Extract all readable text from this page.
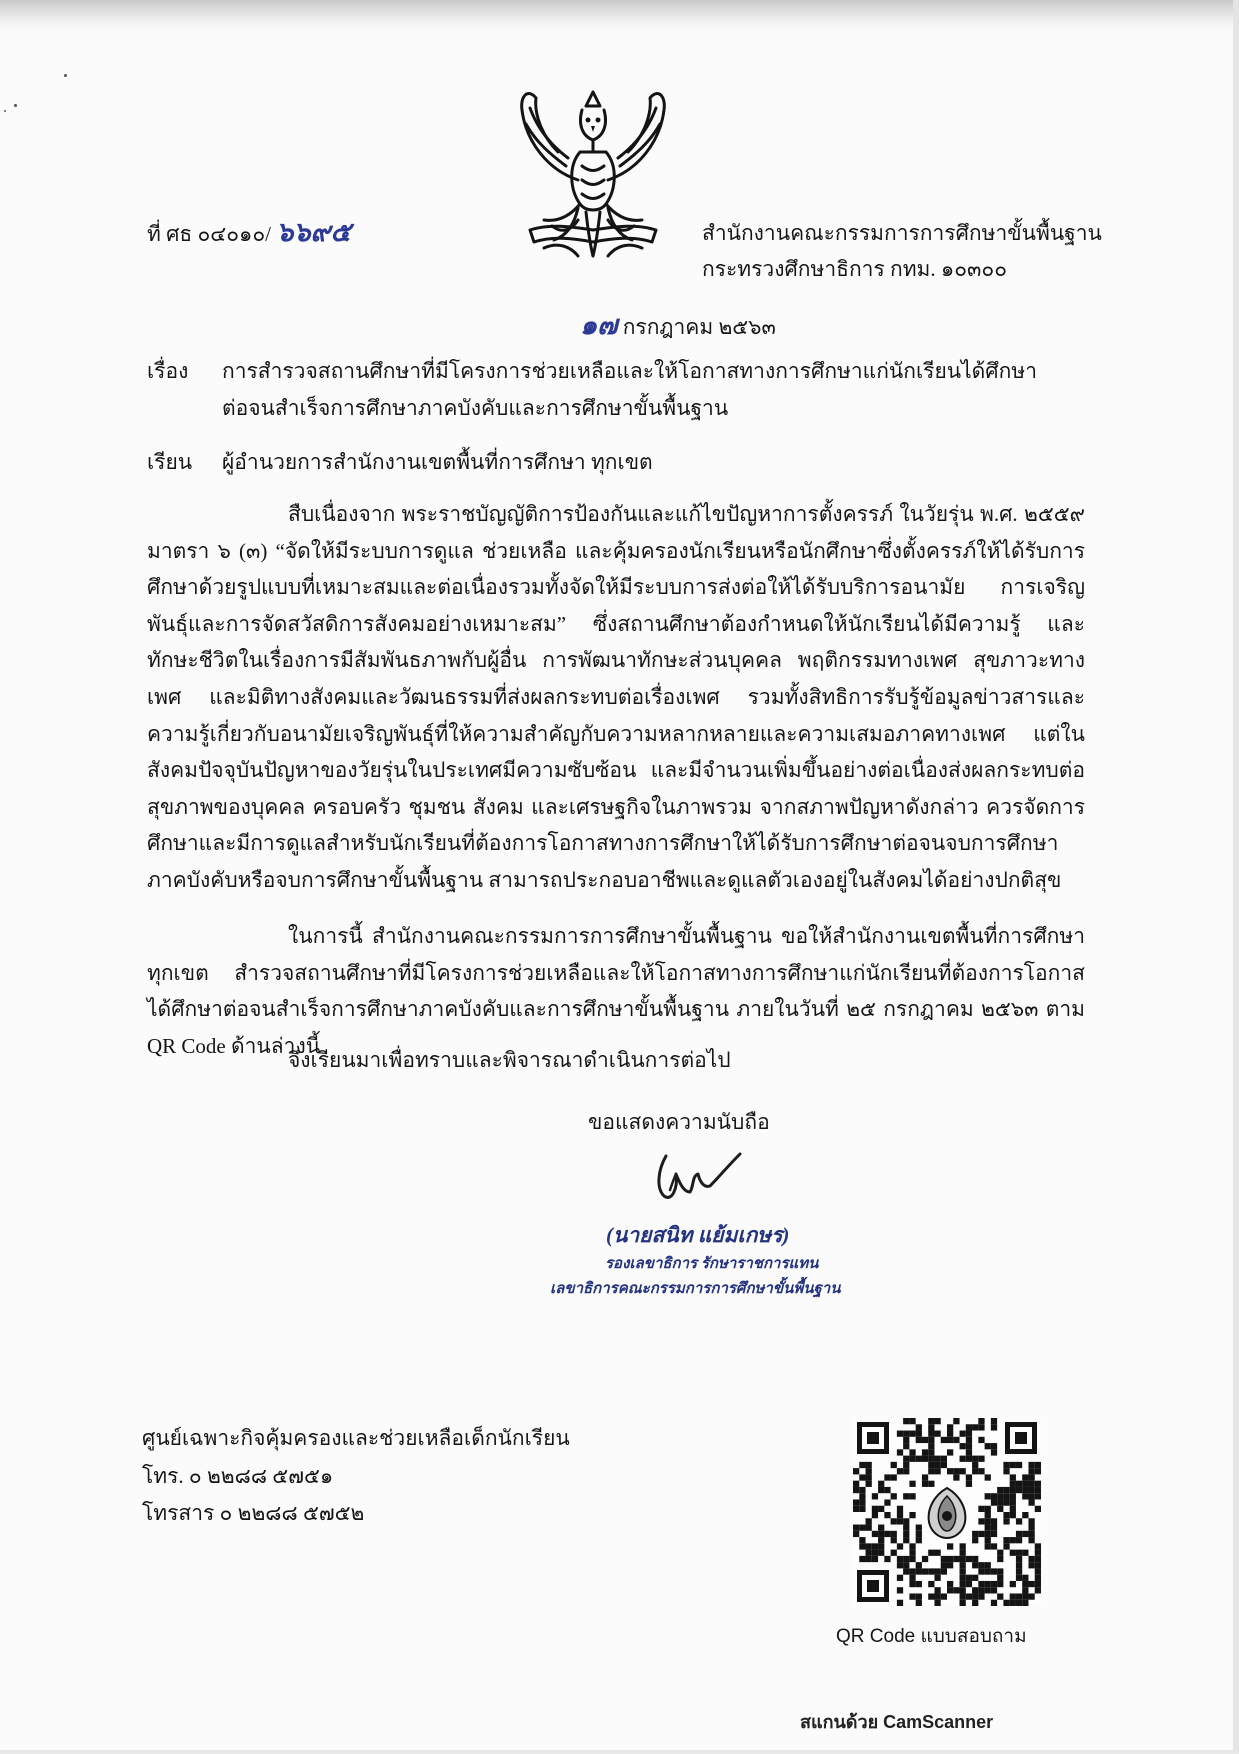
ที่ ศธ ๐๔๐๑๐/ ๖๖๙๕	สำนักงานคณะกรรมการการศึกษาขั้นพื้นฐาน
กระทรวงศึกษาธิการ กทม. ๑๐๓๐๐
๑๗ กรกฎาคม ๒๕๖๓
เรื่อง การสำรวจสถานศึกษาที่มีโครงการช่วยเหลือและให้โอกาสทางการศึกษาแก่นักเรียนได้ศึกษา
ต่อจนสำเร็จการศึกษาภาคบังคับและการศึกษาขั้นพื้นฐาน
เรียน ผู้อำนวยการสำนักงานเขตพื้นที่การศึกษา ทุกเขต
สืบเนื่องจาก พระราชบัญญัติการป้องกันและแก้ไขปัญหาการตั้งครรภ์ ในวัยรุ่น พ.ศ. ๒๕๕๙ มาตรา ๖ (๓) “จัดให้มีระบบการดูแล ช่วยเหลือ และคุ้มครองนักเรียนหรือนักศึกษาซึ่งตั้งครรภ์ให้ได้รับการศึกษาด้วยรูปแบบที่เหมาะสมและต่อเนื่องรวมทั้งจัดให้มีระบบการส่งต่อให้ได้รับบริการอนามัย การเจริญพันธุ์และการจัดสวัสดิการสังคมอย่างเหมาะสม” ซึ่งสถานศึกษาต้องกำหนดให้นักเรียนได้มีความรู้ และทักษะชีวิตในเรื่องการมีสัมพันธภาพกับผู้อื่น การพัฒนาทักษะส่วนบุคคล พฤติกรรมทางเพศ สุขภาวะทางเพศ และมิติทางสังคมและวัฒนธรรมที่ส่งผลกระทบต่อเรื่องเพศ รวมทั้งสิทธิการรับรู้ข้อมูลข่าวสารและความรู้เกี่ยวกับอนามัยเจริญพันธุ์ที่ให้ความสำคัญกับความหลากหลายและความเสมอภาคทางเพศ แต่ในสังคมปัจจุบันปัญหาของวัยรุ่นในประเทศมีความซับซ้อน และมีจำนวนเพิ่มขึ้นอย่างต่อเนื่องส่งผลกระทบต่อสุขภาพของบุคคล ครอบครัว ชุมชน สังคม และเศรษฐกิจในภาพรวม จากสภาพปัญหาดังกล่าว ควรจัดการศึกษาและมีการดูแลสำหรับนักเรียนที่ต้องการโอกาสทางการศึกษาให้ได้รับการศึกษาต่อจนจบการศึกษาภาคบังคับหรือจบการศึกษาขั้นพื้นฐาน สามารถประกอบอาชีพและดูแลตัวเองอยู่ในสังคมได้อย่างปกติสุข
ในการนี้ สำนักงานคณะกรรมการการศึกษาขั้นพื้นฐาน ขอให้สำนักงานเขตพื้นที่การศึกษาทุกเขต สำรวจสถานศึกษาที่มีโครงการช่วยเหลือและให้โอกาสทางการศึกษาแก่นักเรียนที่ต้องการโอกาสได้ศึกษาต่อจนสำเร็จการศึกษาภาคบังคับและการศึกษาขั้นพื้นฐาน ภายในวันที่ ๒๕ กรกฎาคม ๒๕๖๓ ตาม QR Code ด้านล่างนี้
จึงเรียนมาเพื่อทราบและพิจารณาดำเนินการต่อไป
ขอแสดงความนับถือ
(นายสนิท แย้มเกษร)
รองเลขาธิการ รักษาราชการแทน
เลขาธิการคณะกรรมการการศึกษาขั้นพื้นฐาน
ศูนย์เฉพาะกิจคุ้มครองและช่วยเหลือเด็กนักเรียน
โทร. ๐ ๒๒๘๘ ๕๗๕๑
โทรสาร ๐ ๒๒๘๘ ๕๗๕๒
QR Code แบบสอบถาม
สแกนด้วย CamScanner
